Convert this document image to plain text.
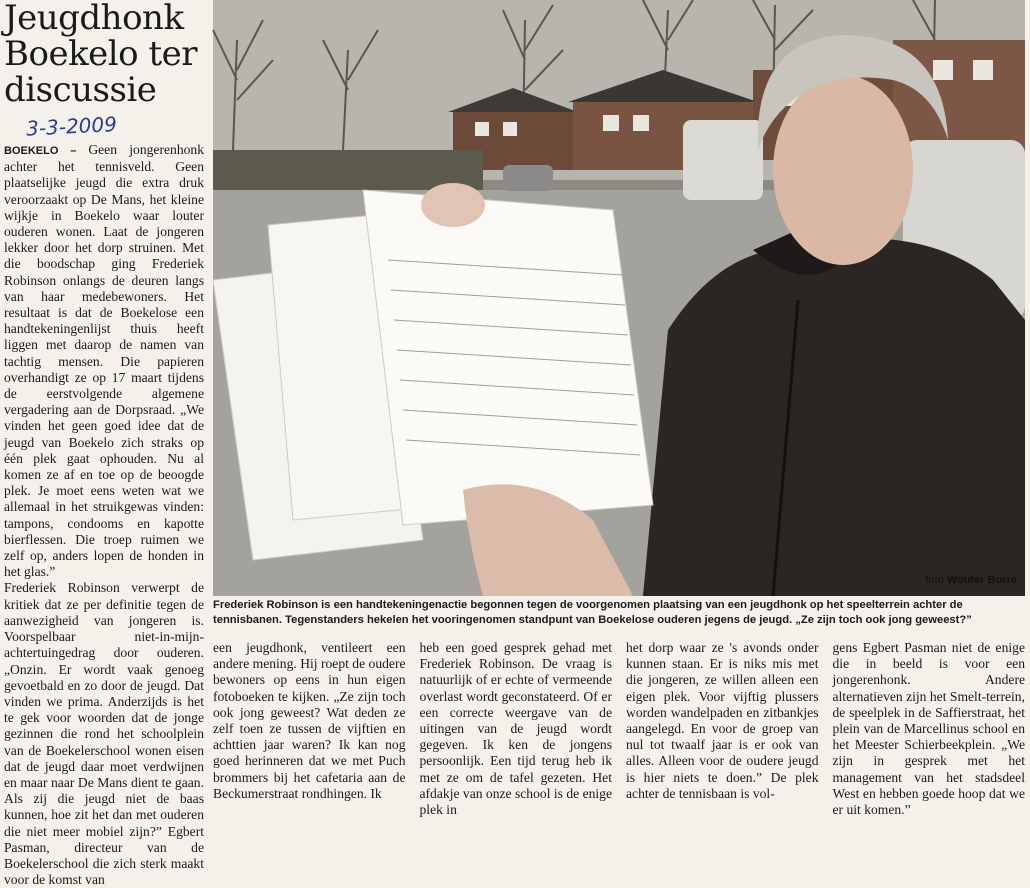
Jeugdhonk Boekelo ter discussie
3-3-2009

BOEKELO – Geen jongerenhonk achter het tennisveld. Geen plaatselijke jeugd die extra druk veroorzaakt op De Mans, het kleine wijkje in Boekelo waar louter ouderen wonen. Laat de jongeren lekker door het dorp struinen. Met die boodschap ging Frederiek Robinson onlangs de deuren langs van haar medebewoners. Het resultaat is dat de Boekelose een handtekeningenlijst thuis heeft liggen met daarop de namen van tachtig mensen. Die papieren overhandigt ze op 17 maart tijdens de eerstvolgende algemene vergadering aan de Dorpsraad. „We vinden het geen goed idee dat de jeugd van Boekelo zich straks op één plek gaat ophouden. Nu al komen ze af en toe op de beoogde plek. Je moet eens weten wat we allemaal in het struikgewas vinden: tampons, condooms en kapotte bierflessen. Die troep ruimen we zelf op, anders lopen de honden in het glas.”

Frederiek Robinson verwerpt de kritiek dat ze per definitie tegen de aanwezigheid van jongeren is. Voorspelbaar niet-in-mijn-achtertuingedrag door ouderen. „Onzin. Er wordt vaak genoeg gevoetbald en zo door de jeugd. Dat vinden we prima. Anderzijds is het te gek voor woorden dat de jonge gezinnen die rond het schoolplein van de Boekelerschool wonen eisen dat de jeugd daar moet verdwijnen en maar naar De Mans dient te gaan. Als zij die jeugd niet de baas kunnen, hoe zit het dan met ouderen die niet meer mobiel zijn?” Egbert Pasman, directeur van de Boekelerschool die zich sterk maakt voor de komst van

foto Wouter Borre
Frederiek Robinson is een handtekeningenactie begonnen tegen de voorgenomen plaatsing van een jeugdhonk op het speelterrein achter de tennisbanen. Tegenstanders hekelen het vooringenomen standpunt van Boekelose ouderen jegens de jeugd. „Ze zijn toch ook jong geweest?”
een jeugdhonk, ventileert een andere mening. Hij roept de oudere bewoners op eens in hun eigen fotoboeken te kijken. „Ze zijn toch ook jong geweest? Wat deden ze zelf toen ze tussen de vijftien en achttien jaar waren? Ik kan nog goed herinneren dat we met Puch brommers bij het cafetaria aan de Beckumerstraat rondhingen. Ik
heb een goed gesprek gehad met Frederiek Robinson. De vraag is natuurlijk of er echte of vermeende overlast wordt geconstateerd. Of er een correcte weergave van de uitingen van de jeugd wordt gegeven. Ik ken de jongens persoonlijk. Een tijd terug heb ik met ze om de tafel gezeten. Het afdakje van onze school is de enige plek in
het dorp waar ze 's avonds onder kunnen staan. Er is niks mis met die jongeren, ze willen alleen een eigen plek. Voor vijftig plussers worden wandelpaden en zitbankjes aangelegd. En voor de groep van nul tot twaalf jaar is er ook van alles. Alleen voor de oudere jeugd is hier niets te doen.” De plek achter de tennisbaan is vol-
gens Egbert Pasman niet de enige die in beeld is voor een jongerenhonk. Andere alternatieven zijn het Smelt-terrein, de speelplek in de Saffierstraat, het plein van de Marcellinus school en het Meester Schierbeekplein. „We zijn in gesprek met het management van het stadsdeel West en hebben goede hoop dat we er uit komen.”
